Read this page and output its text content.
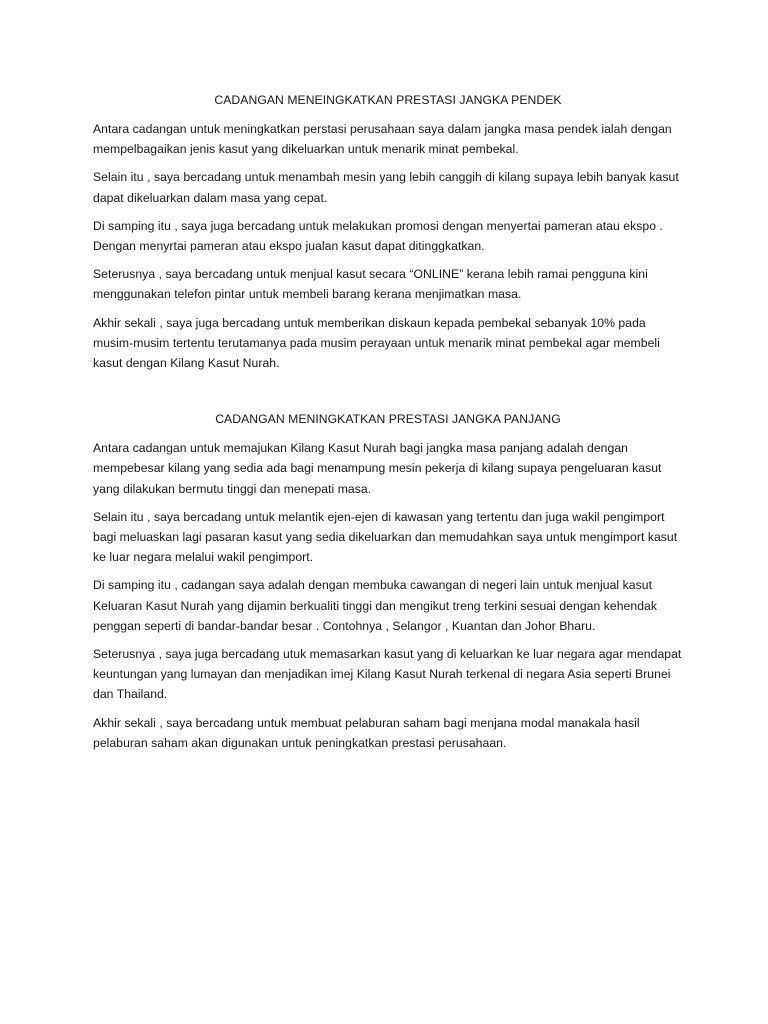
CADANGAN MENEINGKATKAN PRESTASI JANGKA PENDEK

Antara cadangan untuk meningkatkan perstasi perusahaan saya dalam jangka masa pendek ialah dengan mempelbagaikan jenis kasut yang dikeluarkan untuk menarik minat pembekal.

Selain itu , saya bercadang untuk menambah mesin yang lebih canggih di kilang supaya lebih banyak kasut dapat dikeluarkan dalam masa yang cepat.

Di samping itu , saya juga bercadang untuk melakukan promosi dengan menyertai pameran atau ekspo . Dengan menyrtai pameran atau ekspo jualan kasut dapat ditinggkatkan.

Seterusnya , saya bercadang untuk menjual kasut secara “ONLINE” kerana lebih ramai pengguna kini menggunakan telefon pintar untuk membeli barang kerana menjimatkan masa.

Akhir sekali , saya juga bercadang untuk memberikan diskaun kepada pembekal sebanyak 10% pada musim-musim tertentu terutamanya pada musim perayaan untuk menarik minat pembekal agar membeli kasut dengan Kilang Kasut Nurah.

CADANGAN MENINGKATKAN PRESTASI JANGKA PANJANG

Antara cadangan untuk memajukan Kilang Kasut Nurah bagi jangka masa panjang adalah dengan mempebesar kilang yang sedia ada bagi menampung mesin pekerja di kilang supaya pengeluaran kasut yang dilakukan bermutu tinggi dan menepati masa.

Selain itu , saya bercadang untuk melantik ejen-ejen di kawasan yang tertentu dan juga wakil pengimport bagi meluaskan lagi pasaran kasut yang sedia dikeluarkan dan memudahkan saya untuk mengimport kasut ke luar negara melalui wakil pengimport.

Di samping itu , cadangan saya adalah dengan membuka cawangan di negeri lain untuk menjual kasut Keluaran Kasut Nurah yang dijamin berkualiti tinggi dan mengikut treng terkini sesuai dengan kehendak penggan seperti di bandar-bandar besar . Contohnya , Selangor , Kuantan dan Johor Bharu.

Seterusnya , saya juga bercadang utuk memasarkan kasut yang di keluarkan ke luar negara agar mendapat keuntungan yang lumayan dan menjadikan imej Kilang Kasut Nurah terkenal di negara Asia seperti Brunei dan Thailand.

Akhir sekali , saya bercadang untuk membuat pelaburan saham bagi menjana modal manakala hasil pelaburan saham akan digunakan untuk peningkatkan prestasi perusahaan.
